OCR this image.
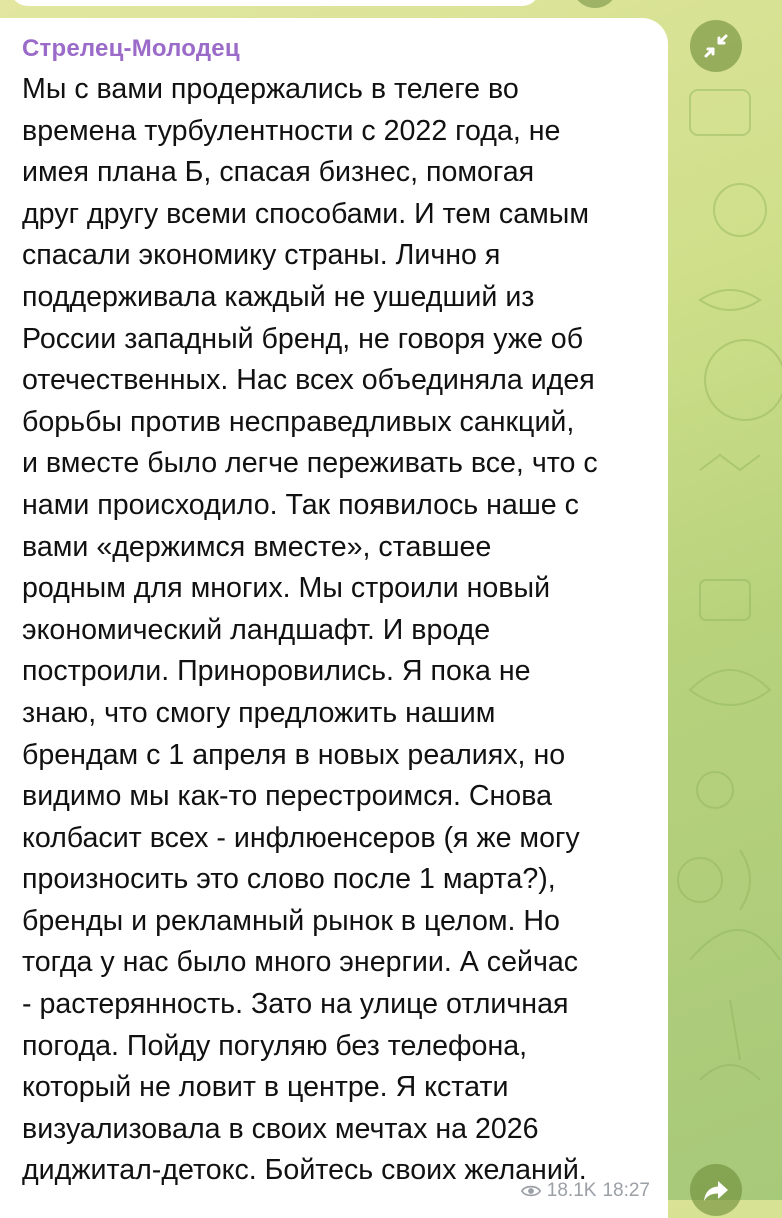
Стрелец-Молодец
Мы с вами продержались в телеге во
времена турбулентности с 2022 года, не
имея плана Б, спасая бизнес, помогая
друг другу всеми способами. И тем самым
спасали экономику страны. Лично я
поддерживала каждый не ушедший из
России западный бренд, не говоря уже об
отечественных. Нас всех объединяла идея
борьбы против несправедливых санкций,
и вместе было легче переживать все, что с
нами происходило. Так появилось наше с
вами «держимся вместе», ставшее
родным для многих. Мы строили новый
экономический ландшафт. И вроде
построили. Приноровились. Я пока не
знаю, что смогу предложить нашим
брендам с 1 апреля в новых реалиях, но
видимо мы как-то перестроимся. Снова
колбасит всех - инфлюенсеров (я же могу
произносить это слово после 1 марта?),
бренды и рекламный рынок в целом. Но
тогда у нас было много энергии. А сейчас
- растерянность. Зато на улице отличная
погода. Пойду погуляю без телефона,
который не ловит в центре. Я кстати
визуализовала в своих мечтах на 2026
диджитал-детокс. Бойтесь своих желаний.
18.1K 18:27
